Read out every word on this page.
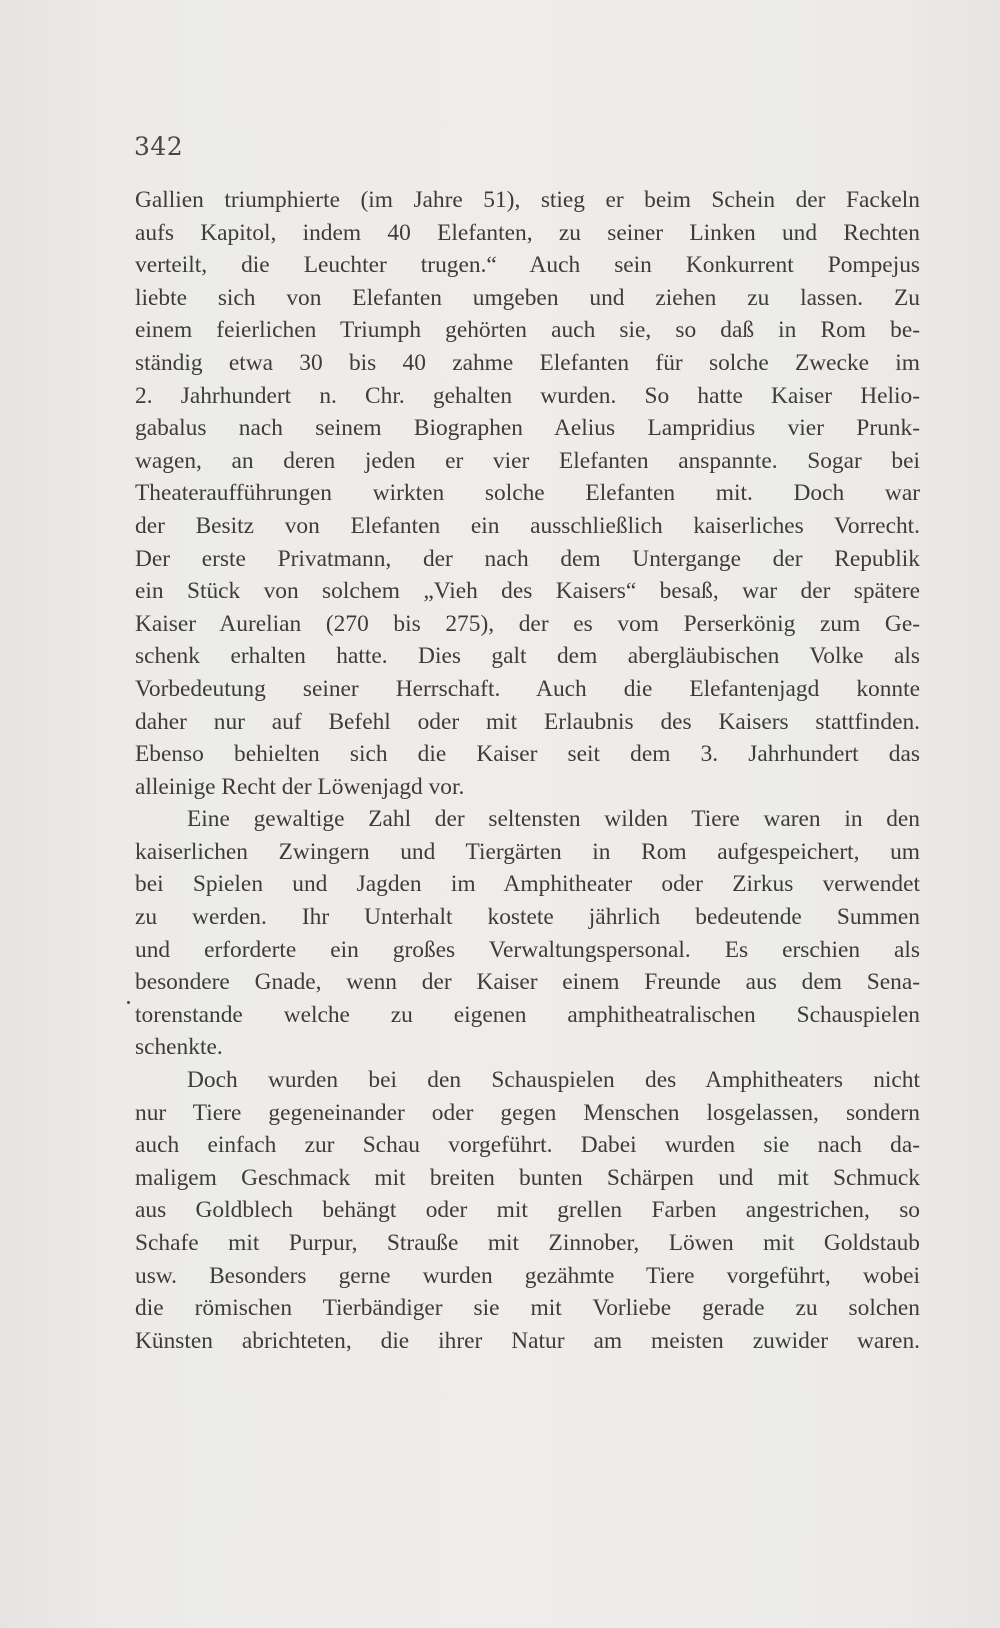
342
Gallien triumphierte (im Jahre 51), stieg er beim Schein der Fackeln
aufs Kapitol, indem 40 Elefanten, zu seiner Linken und Rechten
verteilt, die Leuchter trugen.“ Auch sein Konkurrent Pompejus
liebte sich von Elefanten umgeben und ziehen zu lassen. Zu
einem feierlichen Triumph gehörten auch sie, so daß in Rom be-
ständig etwa 30 bis 40 zahme Elefanten für solche Zwecke im
2. Jahrhundert n. Chr. gehalten wurden. So hatte Kaiser Helio-
gabalus nach seinem Biographen Aelius Lampridius vier Prunk-
wagen, an deren jeden er vier Elefanten anspannte. Sogar bei
Theateraufführungen wirkten solche Elefanten mit. Doch war
der Besitz von Elefanten ein ausschließlich kaiserliches Vorrecht.
Der erste Privatmann, der nach dem Untergange der Republik
ein Stück von solchem „Vieh des Kaisers“ besaß, war der spätere
Kaiser Aurelian (270 bis 275), der es vom Perserkönig zum Ge-
schenk erhalten hatte. Dies galt dem abergläubischen Volke als
Vorbedeutung seiner Herrschaft. Auch die Elefantenjagd konnte
daher nur auf Befehl oder mit Erlaubnis des Kaisers stattfinden.
Ebenso behielten sich die Kaiser seit dem 3. Jahrhundert das
alleinige Recht der Löwenjagd vor.
Eine gewaltige Zahl der seltensten wilden Tiere waren in den
kaiserlichen Zwingern und Tiergärten in Rom aufgespeichert, um
bei Spielen und Jagden im Amphitheater oder Zirkus verwendet
zu werden. Ihr Unterhalt kostete jährlich bedeutende Summen
und erforderte ein großes Verwaltungspersonal. Es erschien als
besondere Gnade, wenn der Kaiser einem Freunde aus dem Sena-
torenstande welche zu eigenen amphitheatralischen Schauspielen
schenkte.
Doch wurden bei den Schauspielen des Amphitheaters nicht
nur Tiere gegeneinander oder gegen Menschen losgelassen, sondern
auch einfach zur Schau vorgeführt. Dabei wurden sie nach da-
maligem Geschmack mit breiten bunten Schärpen und mit Schmuck
aus Goldblech behängt oder mit grellen Farben angestrichen, so
Schafe mit Purpur, Strauße mit Zinnober, Löwen mit Goldstaub
usw. Besonders gerne wurden gezähmte Tiere vorgeführt, wobei
die römischen Tierbändiger sie mit Vorliebe gerade zu solchen
Künsten abrichteten, die ihrer Natur am meisten zuwider waren.
